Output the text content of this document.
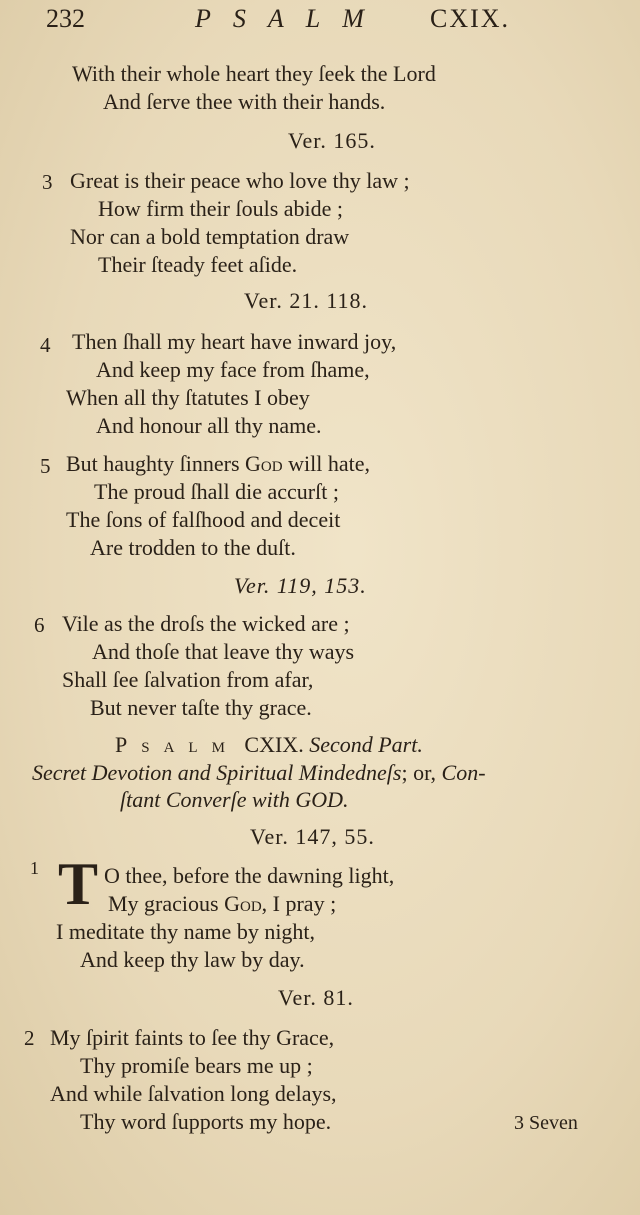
232	PSALM CXIX.
With their whole heart they ſeek the Lord
And ſerve thee with their hands.
Ver. 165.
3 Great is their peace who love thy law ;
How firm their ſouls abide ;
Nor can a bold temptation draw
Their ſteady feet aſide.
Ver. 21. 118.
4 Then ſhall my heart have inward joy,
And keep my face from ſhame,
When all thy ſtatutes I obey
And honour all thy name.
5 But haughty ſinners God will hate,
The proud ſhall die accurſt ;
The ſons of falſhood and deceit
Are trodden to the duſt.
Ver. 119, 153.
6 Vile as the droſs the wicked are ;
And thoſe that leave thy ways
Shall ſee ſalvation from afar,
But never taſte thy grace.
Psalm CXIX. Second Part.
Secret Devotion and Spiritual Mindedneſs; or, Con-
ſtant Converſe with GOD.
Ver. 147, 55.
1 T O thee, before the dawning light,
My gracious God, I pray ;
I meditate thy name by night,
And keep thy law by day.
Ver. 81.
2 My ſpirit faints to ſee thy Grace,
Thy promiſe bears me up ;
And while ſalvation long delays,
Thy word ſupports my hope.	3 Seven
